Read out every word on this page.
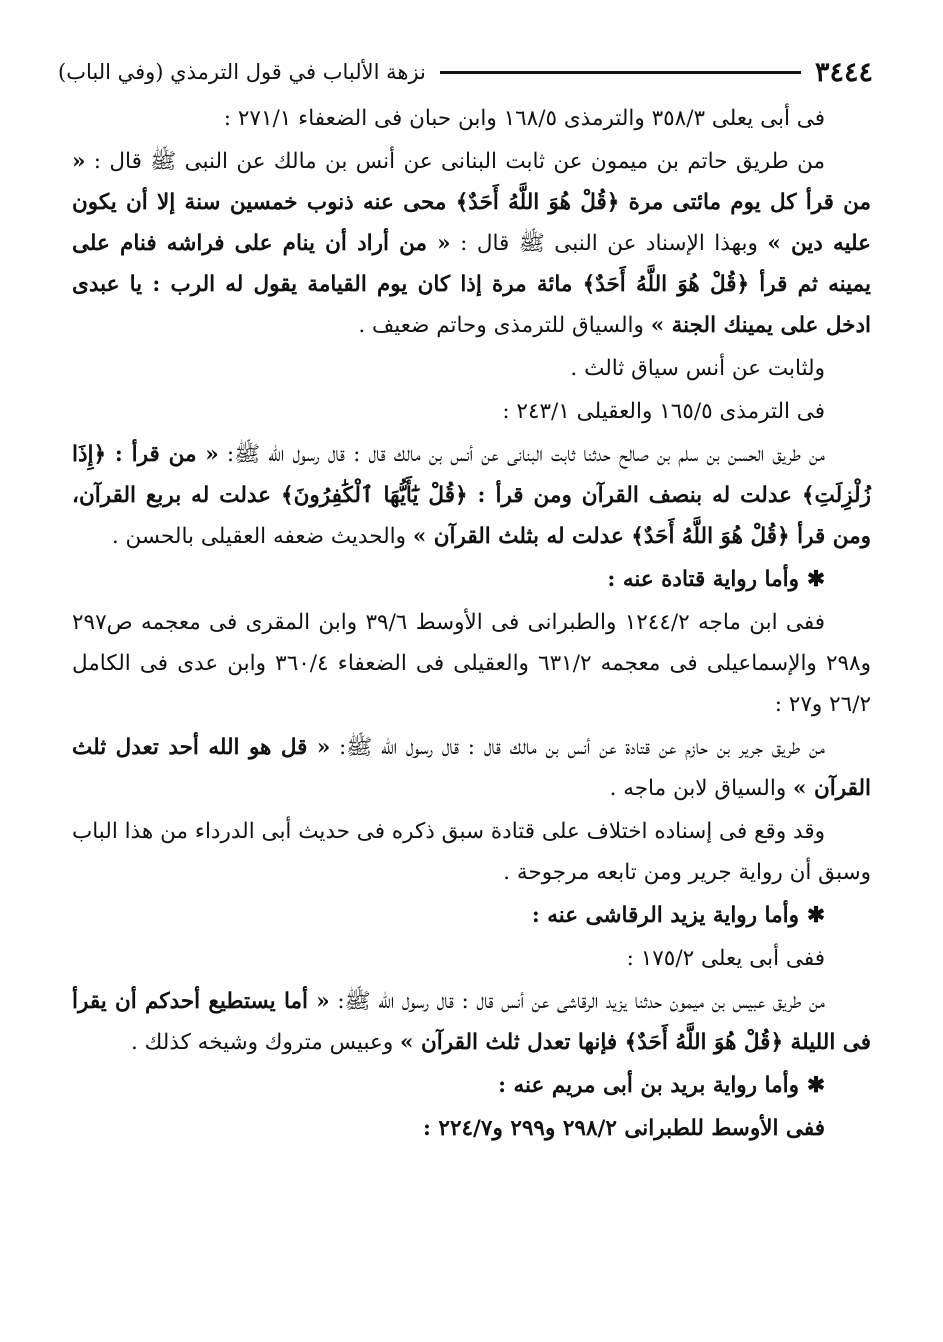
٣٤٤٤
نزهة الألباب في قول الترمذي (وفي الباب)

فى أبى يعلى ٣٥٨/٣ والترمذى ١٦٨/٥ وابن حبان فى الضعفاء ٢٧١/١ :

من طريق حاتم بن ميمون عن ثابت البنانى عن أنس بن مالك عن النبى ﷺ قال : « من قرأ كل يوم مائتى مرة ﴿قُلْ هُوَ اللَّهُ أَحَدٌ﴾ محى عنه ذنوب خمسين سنة إلا أن يكون عليه دين » وبهذا الإسناد عن النبى ﷺ قال : « من أراد أن ينام على فراشه فنام على يمينه ثم قرأ ﴿قُلْ هُوَ اللَّهُ أَحَدٌ﴾ مائة مرة إذا كان يوم القيامة يقول له الرب : يا عبدى ادخل على يمينك الجنة » والسياق للترمذى وحاتم ضعيف .

ولثابت عن أنس سياق ثالث .

فى الترمذى ١٦٥/٥ والعقيلى ٢٤٣/١ :

من طريق الحسن بن سلم بن صالح حدثنا ثابت البنانى عن أنس بن مالك قال : قال رسول الله ﷺ: « من قرأ : ﴿إِذَا زُلْزِلَتِ﴾ عدلت له بنصف القرآن ومن قرأ : ﴿قُلْ يَٰٓأَيُّهَا ٱلْكَٰفِرُونَ﴾ عدلت له بربع القرآن، ومن قرأ ﴿قُلْ هُوَ اللَّهُ أَحَدٌ﴾ عدلت له بثلث القرآن » والحديث ضعفه العقيلى بالحسن .

✱وأما رواية قتادة عنه :

ففى ابن ماجه ١٢٤٤/٢ والطبرانى فى الأوسط ٣٩/٦ وابن المقرى فى معجمه ص٢٩٧ و٢٩٨ والإسماعيلى فى معجمه ٦٣١/٢ والعقيلى فى الضعفاء ٣٦٠/٤ وابن عدى فى الكامل ٢٦/٢ و٢٧ :

من طريق جرير بن حازم عن قتادة عن أنس بن مالك قال : قال رسول الله ﷺ: « قل هو الله أحد تعدل ثلث القرآن » والسياق لابن ماجه .

وقد وقع فى إسناده اختلاف على قتادة سبق ذكره فى حديث أبى الدرداء من هذا الباب وسبق أن رواية جرير ومن تابعه مرجوحة .

✱وأما رواية يزيد الرقاشى عنه :

ففى أبى يعلى ١٧٥/٢ :

من طريق عبيس بن ميمون حدثنا يزيد الرقاشى عن أنس قال : قال رسول الله ﷺ: « أما يستطيع أحدكم أن يقرأ فى الليلة ﴿قُلْ هُوَ اللَّهُ أَحَدٌ﴾ فإنها تعدل ثلث القرآن » وعبيس متروك وشيخه كذلك .

✱وأما رواية بريد بن أبى مريم عنه :

ففى الأوسط للطبرانى ٢٩٨/٢ و٢٩٩ و٢٢٤/٧ :
